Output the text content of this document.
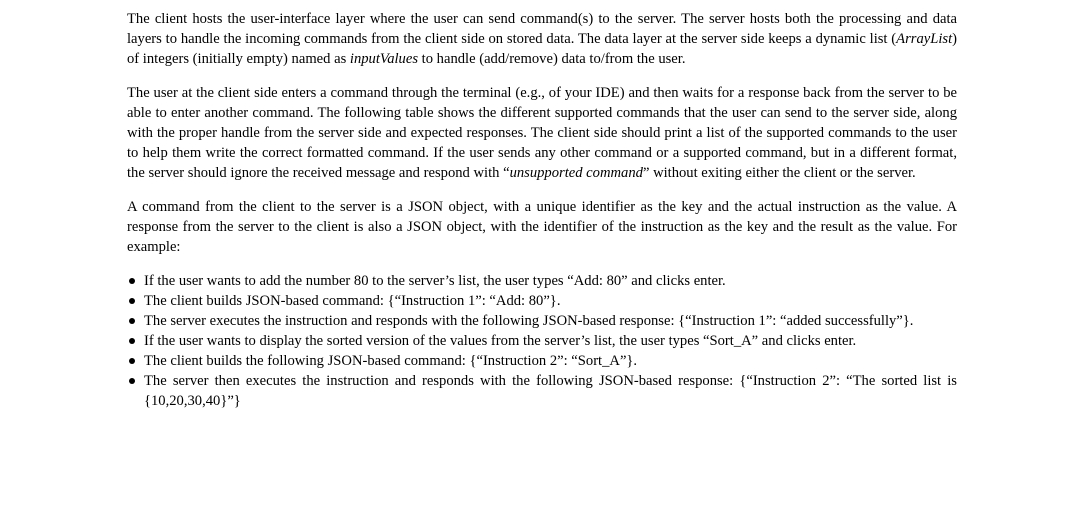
The client hosts the user-interface layer where the user can send command(s) to the server. The server hosts both the processing and data layers to handle the incoming commands from the client side on stored data. The data layer at the server side keeps a dynamic list (ArrayList) of integers (initially empty) named as inputValues to handle (add/remove) data to/from the user.

The user at the client side enters a command through the terminal (e.g., of your IDE) and then waits for a response back from the server to be able to enter another command. The following table shows the different supported commands that the user can send to the server side, along with the proper handle from the server side and expected responses. The client side should print a list of the supported commands to the user to help them write the correct formatted command. If the user sends any other command or a supported command, but in a different format, the server should ignore the received message and respond with “unsupported command” without exiting either the client or the server.

A command from the client to the server is a JSON object, with a unique identifier as the key and the actual instruction as the value. A response from the server to the client is also a JSON object, with the identifier of the instruction as the key and the result as the value. For example:

If the user wants to add the number 80 to the server’s list, the user types “Add: 80” and clicks enter.
The client builds JSON-based command: {“Instruction 1”: “Add: 80”}.
The server executes the instruction and responds with the following JSON-based response: {“Instruction 1”: “added successfully”}.
If the user wants to display the sorted version of the values from the server’s list, the user types “Sort_A” and clicks enter.
The client builds the following JSON-based command: {“Instruction 2”: “Sort_A”}.
The server then executes the instruction and responds with the following JSON-based response: {“Instruction 2”: “The sorted list is {10,20,30,40}”}
